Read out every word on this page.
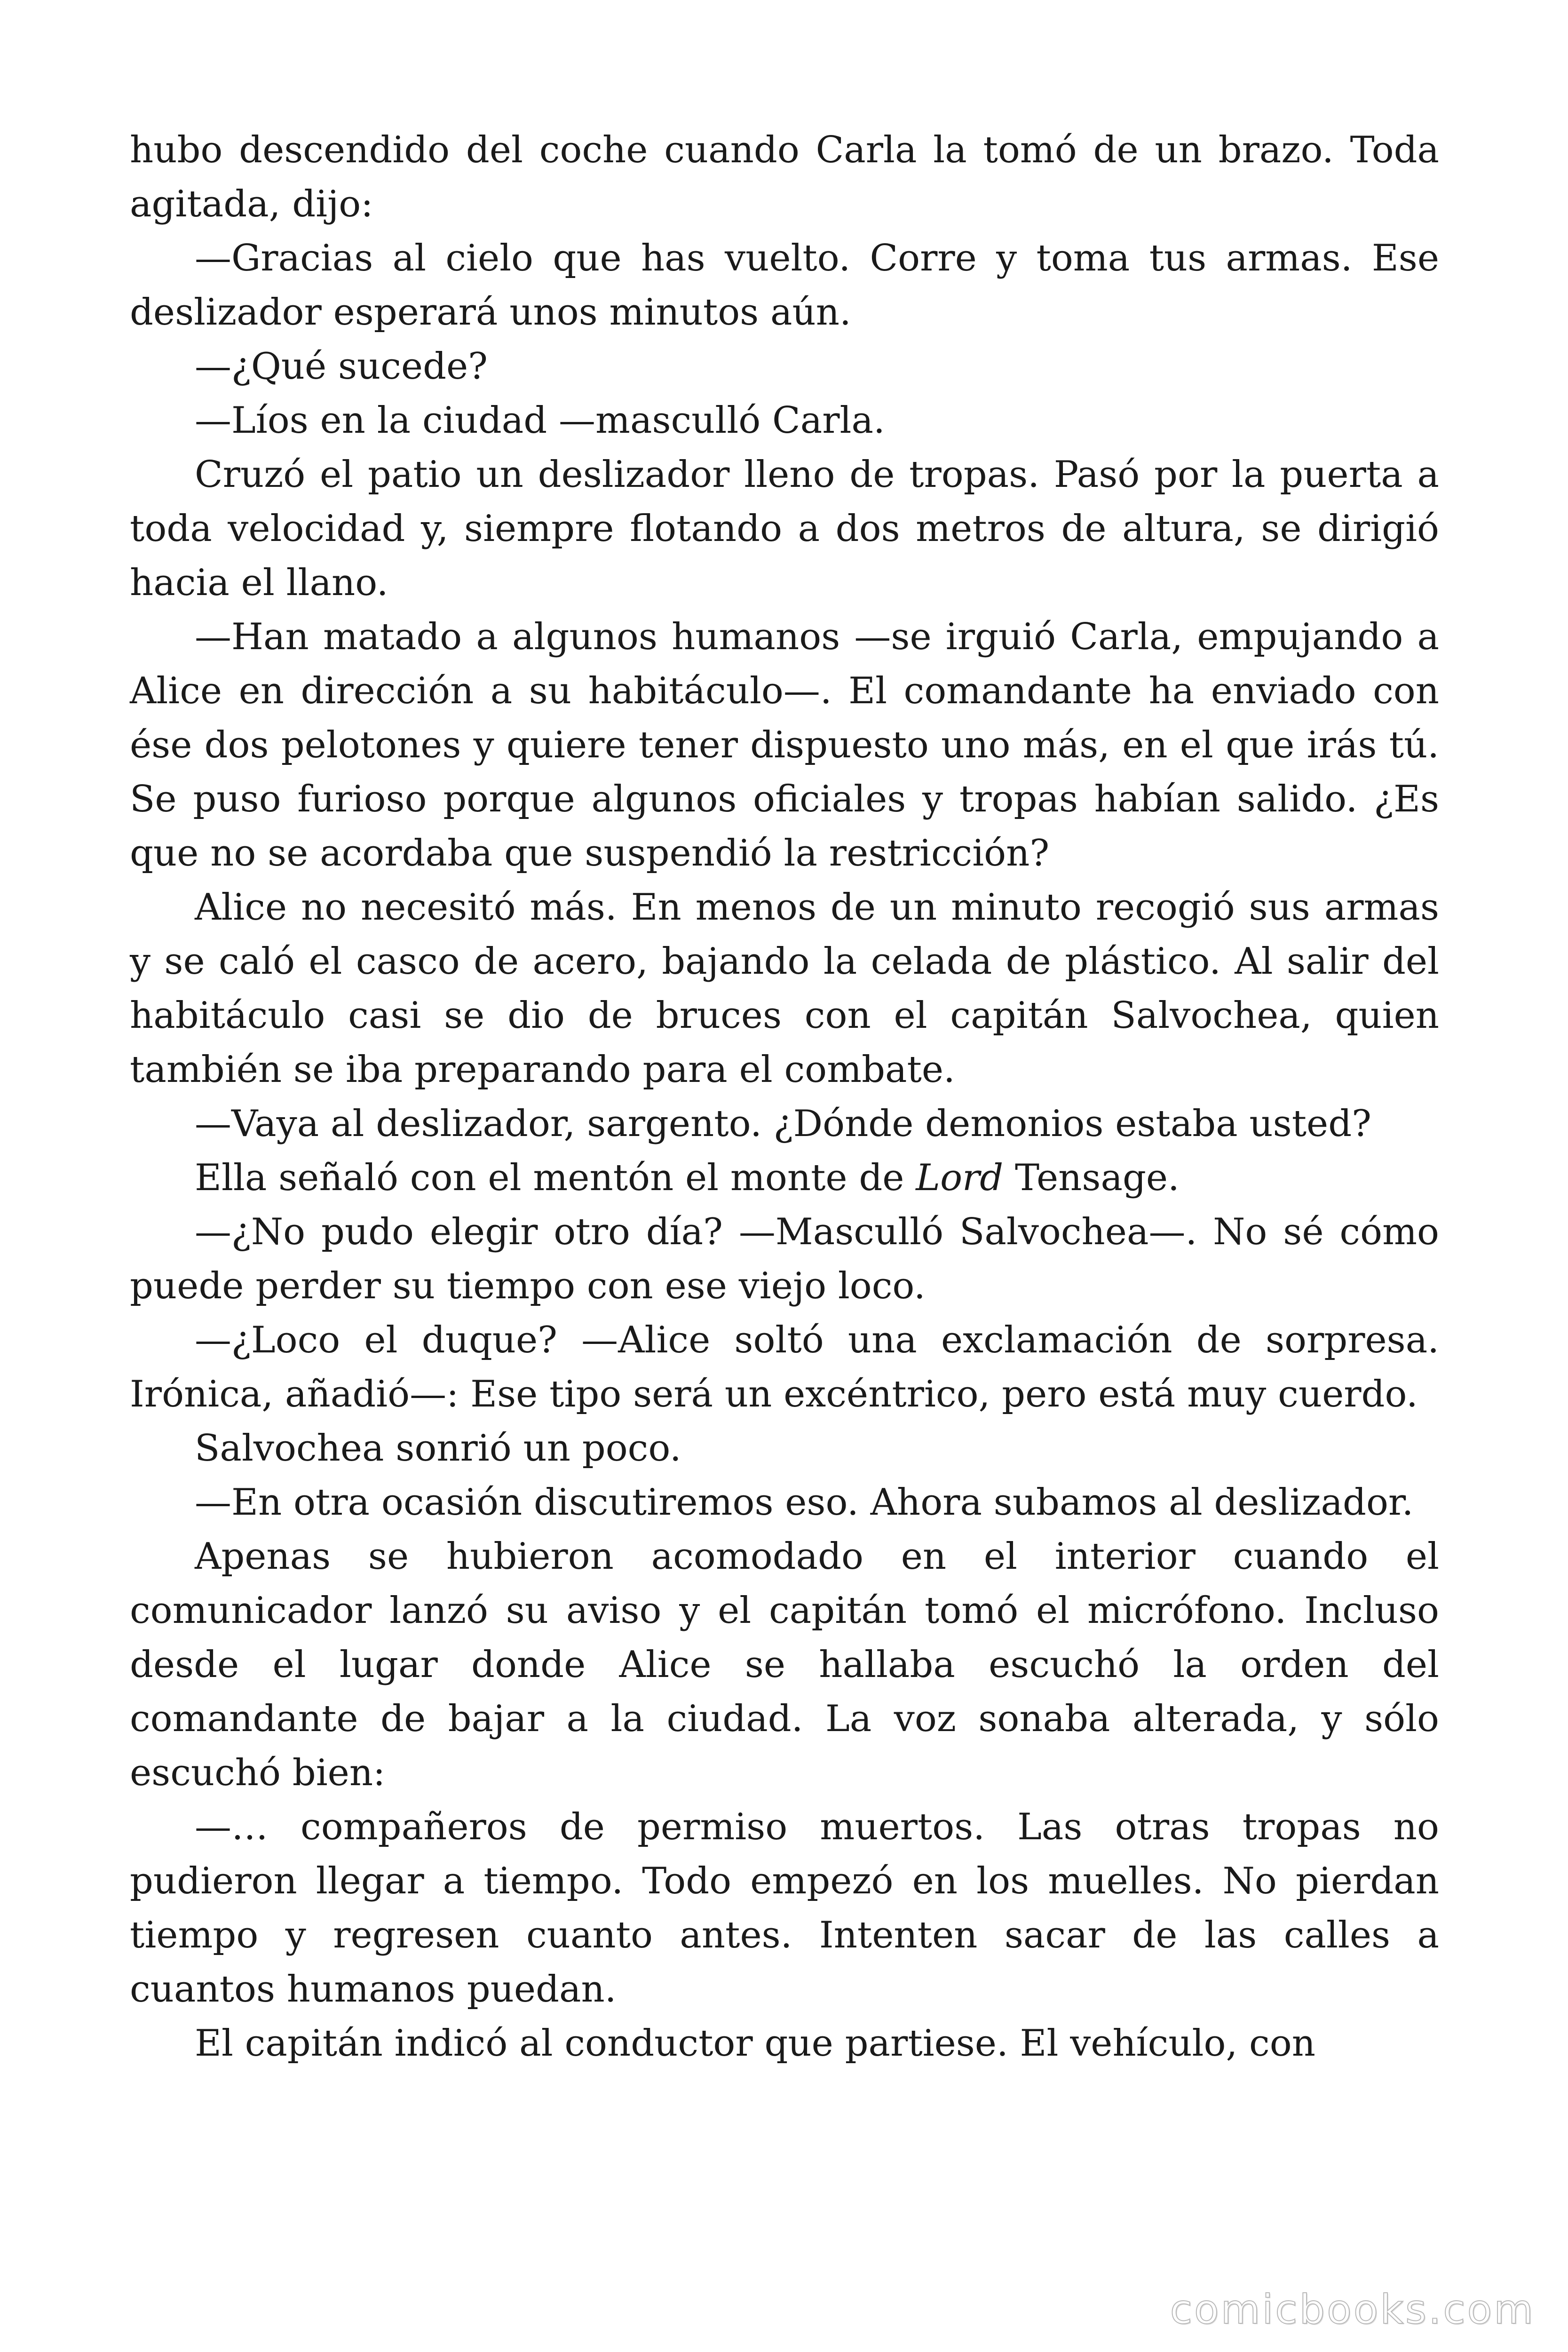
hubo descendido del coche cuando Carla la tomó de un brazo. Toda agitada, dijo:

—Gracias al cielo que has vuelto. Corre y toma tus armas. Ese deslizador esperará unos minutos aún.

—¿Qué sucede?

—Líos en la ciudad —masculló Carla.

Cruzó el patio un deslizador lleno de tropas. Pasó por la puerta a toda velocidad y, siempre flotando a dos metros de altura, se dirigió hacia el llano.

—Han matado a algunos humanos —se irguió Carla, empujando a Alice en dirección a su habitáculo—. El comandante ha enviado con ése dos pelotones y quiere tener dispuesto uno más, en el que irás tú. Se puso furioso porque algunos oficiales y tropas habían salido. ¿Es que no se acordaba que suspendió la restricción?

Alice no necesitó más. En menos de un minuto recogió sus armas y se caló el casco de acero, bajando la celada de plástico. Al salir del habitáculo casi se dio de bruces con el capitán Salvochea, quien también se iba preparando para el combate.

—Vaya al deslizador, sargento. ¿Dónde demonios estaba usted?

Ella señaló con el mentón el monte de Lord Tensage.

—¿No pudo elegir otro día? —Masculló Salvochea—. No sé cómo puede perder su tiempo con ese viejo loco.

—¿Loco el duque? —Alice soltó una exclamación de sorpresa. Irónica, añadió—: Ese tipo será un excéntrico, pero está muy cuerdo.

Salvochea sonrió un poco.

—En otra ocasión discutiremos eso. Ahora subamos al deslizador.

Apenas se hubieron acomodado en el interior cuando el comunicador lanzó su aviso y el capitán tomó el micrófono. Incluso desde el lugar donde Alice se hallaba escuchó la orden del comandante de bajar a la ciudad. La voz sonaba alterada, y sólo escuchó bien:

—… compañeros de permiso muertos. Las otras tropas no pudieron llegar a tiempo. Todo empezó en los muelles. No pierdan tiempo y regresen cuanto antes. Intenten sacar de las calles a cuantos humanos puedan.

El capitán indicó al conductor que partiese. El vehículo, con

comicbooks.com
